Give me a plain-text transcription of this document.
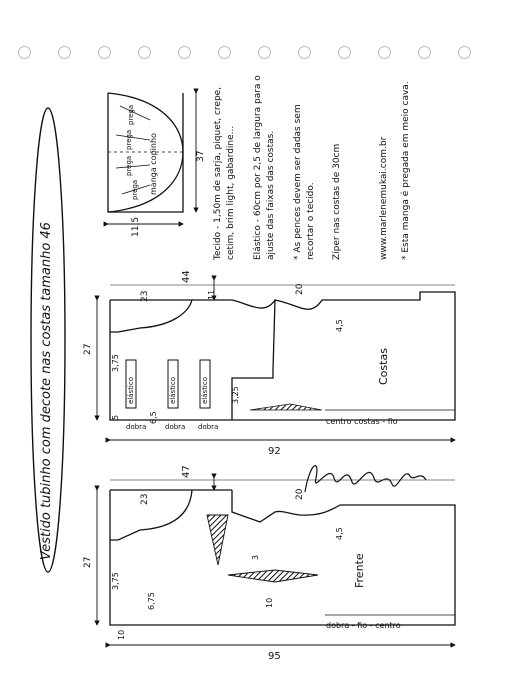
Vestido tubinho com decote nas costas tamanho 46
Tecido - 1,50m de sarja, piquet, crepe, cetim, brim light, gabardine... Elástico - 60cm por 2,5 de largura para o ajuste das faixas das costas. * As pences devem ser dadas sem recortar o tecido. Zíper nas costas de 30cm	www.marlenemukai.com.br * Esta manga é pregada em meio cava.
manga copinho
prega
prega
prega
prega
37
11,5
Costas
centro costas - fio
44
92
20
23
27
11
3,75
6,5
5
elástico	elástico	elástico
dobra	dobra dobra
4,5
3,25
Frente
dobra - fio - centro
47
95
20
23
27
3,75
6,75
10
10
4,5
3
